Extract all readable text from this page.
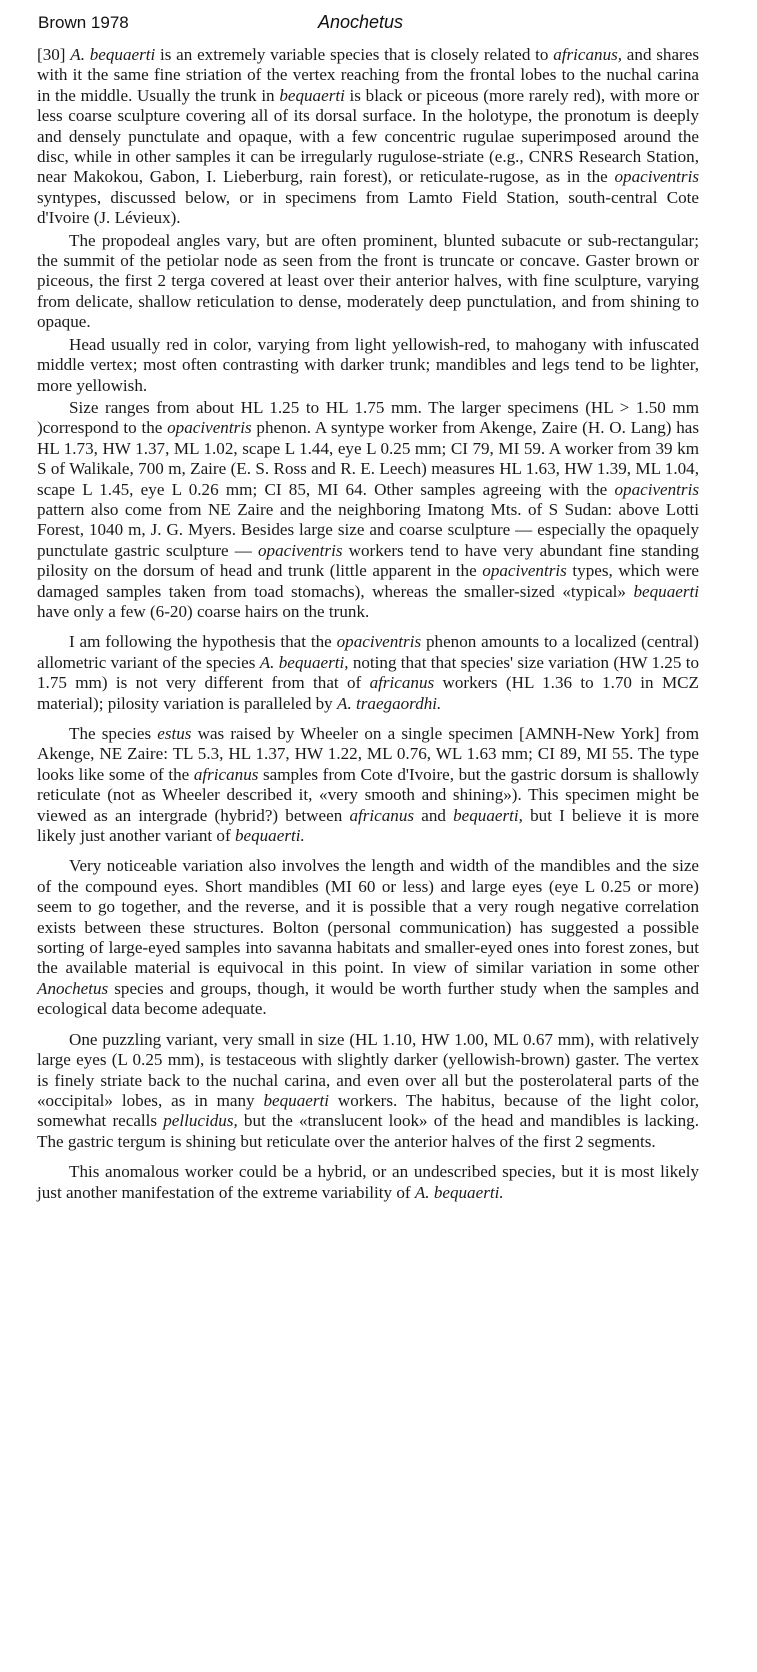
Brown 1978	Anochetus

[30] A. bequaerti is an extremely variable species that is closely related to africanus, and shares with it the same fine striation of the vertex reaching from the frontal lobes to the nuchal carina in the middle. Usually the trunk in bequaerti is black or piceous (more rarely red), with more or less coarse sculpture covering all of its dorsal surface. In the holotype, the pronotum is deeply and densely punctulate and opaque, with a few concentric rugulae superimposed around the disc, while in other samples it can be irregularly rugulose-striate (e.g., CNRS Research Station, near Makokou, Gabon, I. Lieberburg, rain forest), or reticulate-rugose, as in the opaciventris syntypes, discussed below, or in specimens from Lamto Field Station, south-central Cote d'Ivoire (J. Lévieux).

The propodeal angles vary, but are often prominent, blunted subacute or sub-rectangular; the summit of the petiolar node as seen from the front is truncate or concave. Gaster brown or piceous, the first 2 terga covered at least over their anterior halves, with fine sculpture, varying from delicate, shallow reticulation to dense, moderately deep punctulation, and from shining to opaque.

Head usually red in color, varying from light yellowish-red, to mahogany with infuscated middle vertex; most often contrasting with darker trunk; mandibles and legs tend to be lighter, more yellowish.

Size ranges from about HL 1.25 to HL 1.75 mm. The larger specimens (HL > 1.50 mm )correspond to the opaciventris phenon. A syntype worker from Akenge, Zaire (H. O. Lang) has HL 1.73, HW 1.37, ML 1.02, scape L 1.44, eye L 0.25 mm; CI 79, MI 59. A worker from 39 km S of Walikale, 700 m, Zaire (E. S. Ross and R. E. Leech) measures HL 1.63, HW 1.39, ML 1.04, scape L 1.45, eye L 0.26 mm; CI 85, MI 64. Other samples agreeing with the opaciventris pattern also come from NE Zaire and the neighboring Imatong Mts. of S Sudan: above Lotti Forest, 1040 m, J. G. Myers. Besides large size and coarse sculpture — especially the opaquely punctulate gastric sculpture — opaciventris workers tend to have very abundant fine standing pilosity on the dorsum of head and trunk (little apparent in the opaciventris types, which were damaged samples taken from toad stomachs), whereas the smaller-sized «typical» bequaerti have only a few (6-20) coarse hairs on the trunk.

I am following the hypothesis that the opaciventris phenon amounts to a localized (central) allometric variant of the species A. bequaerti, noting that that species' size variation (HW 1.25 to 1.75 mm) is not very different from that of africanus workers (HL 1.36 to 1.70 in MCZ material); pilosity variation is paralleled by A. traegaordhi.

The species estus was raised by Wheeler on a single specimen [AMNH-New York] from Akenge, NE Zaire: TL 5.3, HL 1.37, HW 1.22, ML 0.76, WL 1.63 mm; CI 89, MI 55. The type looks like some of the africanus samples from Cote d'Ivoire, but the gastric dorsum is shallowly reticulate (not as Wheeler described it, «very smooth and shining»). This specimen might be viewed as an intergrade (hybrid?) between africanus and bequaerti, but I believe it is more likely just another variant of bequaerti.

Very noticeable variation also involves the length and width of the mandibles and the size of the compound eyes. Short mandibles (MI 60 or less) and large eyes (eye L 0.25 or more) seem to go together, and the reverse, and it is possible that a very rough negative correlation exists between these structures. Bolton (personal communication) has suggested a possible sorting of large-eyed samples into savanna habitats and smaller-eyed ones into forest zones, but the available material is equivocal in this point. In view of similar variation in some other Anochetus species and groups, though, it would be worth further study when the samples and ecological data become adequate.

One puzzling variant, very small in size (HL 1.10, HW 1.00, ML 0.67 mm), with relatively large eyes (L 0.25 mm), is testaceous with slightly darker (yellowish-brown) gaster. The vertex is finely striate back to the nuchal carina, and even over all but the posterolateral parts of the «occipital» lobes, as in many bequaerti workers. The habitus, because of the light color, somewhat recalls pellucidus, but the «translucent look» of the head and mandibles is lacking. The gastric tergum is shining but reticulate over the anterior halves of the first 2 segments.

This anomalous worker could be a hybrid, or an undescribed species, but it is most likely just another manifestation of the extreme variability of A. bequaerti.
